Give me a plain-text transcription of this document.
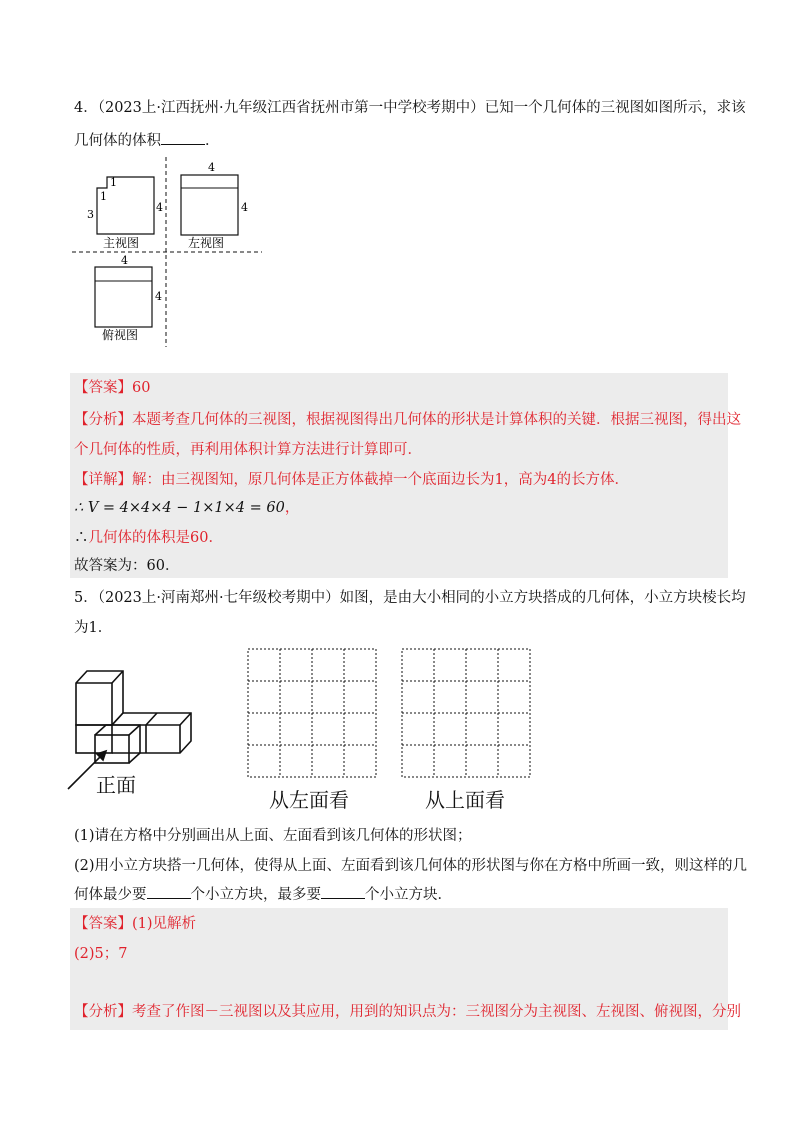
4．（2023上·江西抚州·九年级江西省抚州市第一中学校考期中）已知一个几何体的三视图如图所示，求该
几何体的体积	．
1
1
3
4
主视图
4
4
左视图
4
4
俯视图
【答案】60
【分析】本题考查几何体的三视图，根据视图得出几何体的形状是计算体积的关键．根据三视图，得出这
个几何体的性质，再利用体积计算方法进行计算即可．
【详解】解：由三视图知，原几何体是正方体截掉一个底面边长为1，高为4的长方体．
∴ V = 4×4×4 − 1×1×4 = 60，
∴几何体的体积是60．
故答案为：60．
5．（2023上·河南郑州·七年级校考期中）如图，是由大小相同的小立方块搭成的几何体，小立方块棱长均
为1．
正面
从左面看	从上面看
(1)请在方格中分别画出从上面、左面看到该几何体的形状图；
(2)用小立方块搭一几何体，使得从上面、左面看到该几何体的形状图与你在方格中所画一致，则这样的几
何体最少要	个小立方块，最多要	个小立方块．
【答案】(1)见解析
(2)5；7
【分析】考查了作图－三视图以及其应用，用到的知识点为：三视图分为主视图、左视图、俯视图，分别
